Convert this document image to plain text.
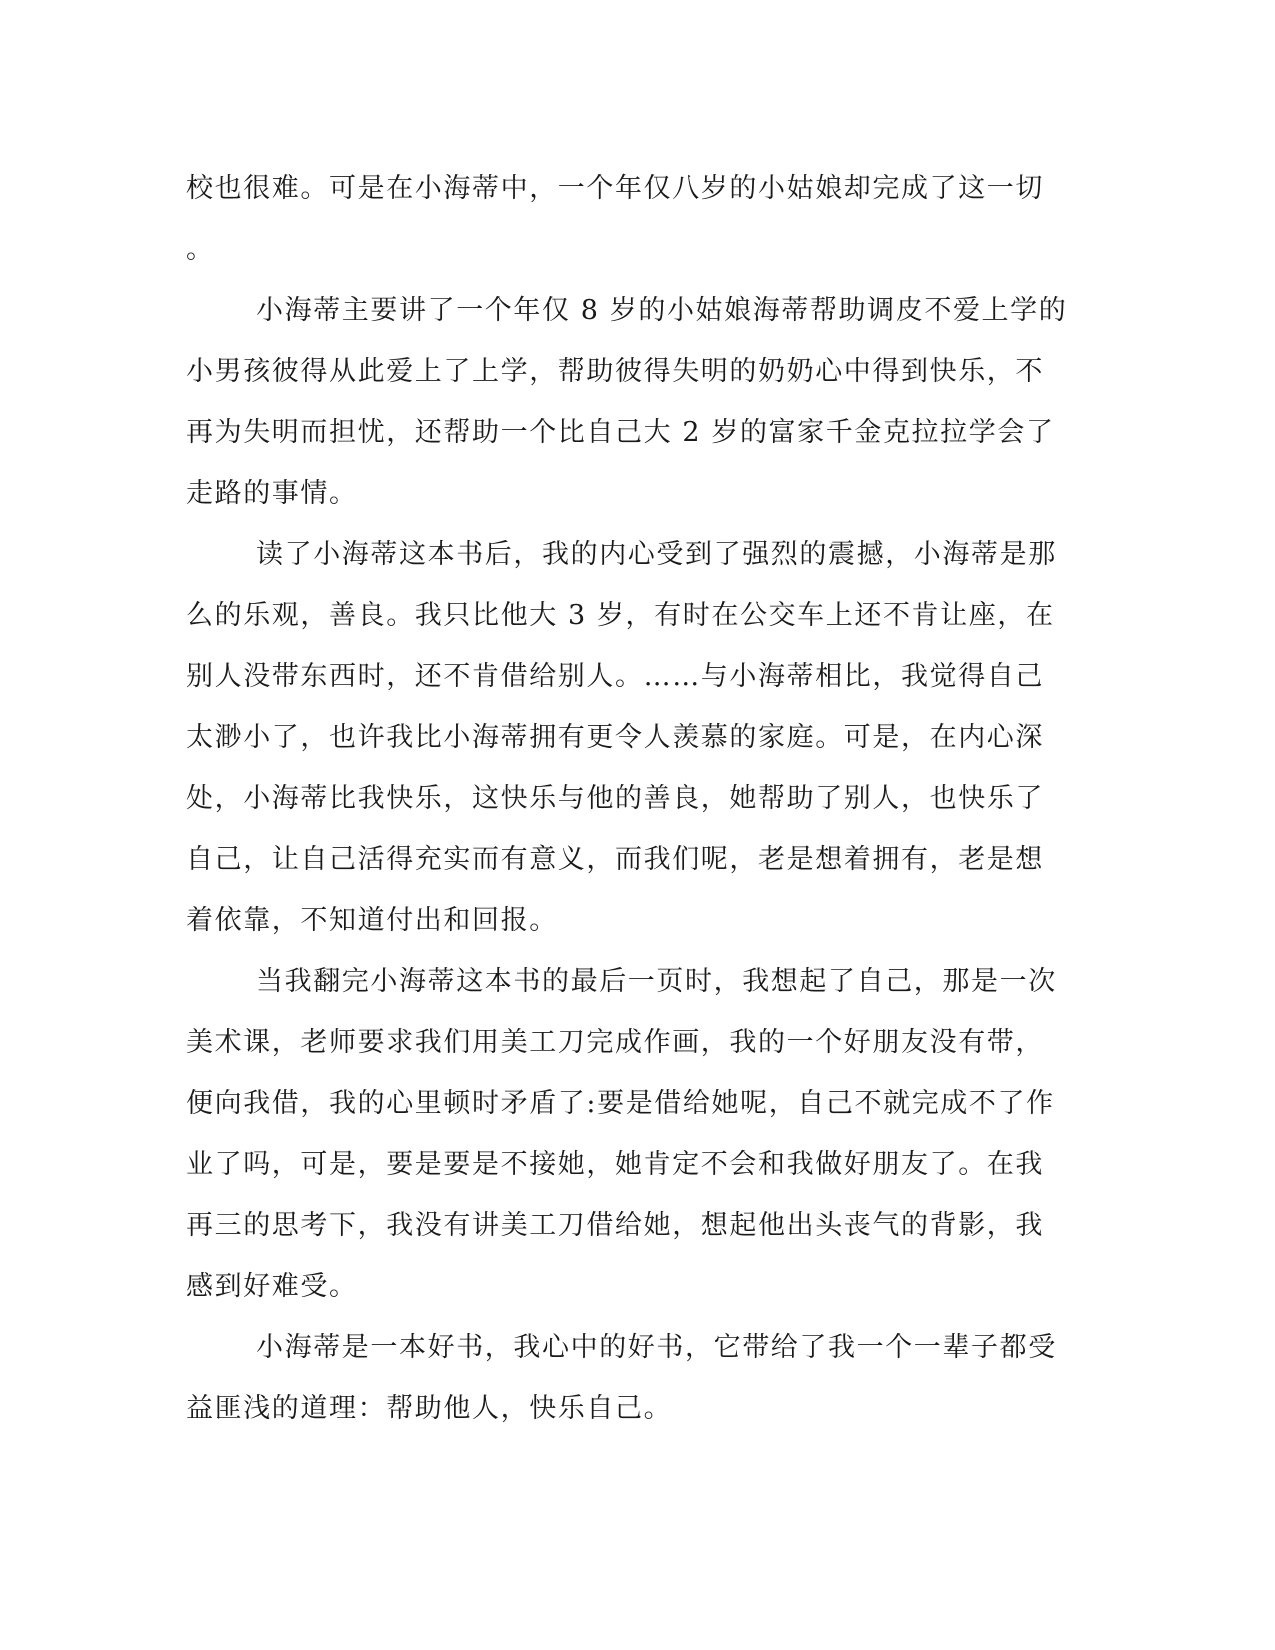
校也很难。可是在小海蒂中，一个年仅八岁的小姑娘却完成了这一切
。
小海蒂主要讲了一个年仅 8 岁的小姑娘海蒂帮助调皮不爱上学的
小男孩彼得从此爱上了上学，帮助彼得失明的奶奶心中得到快乐，不
再为失明而担忧，还帮助一个比自己大 2 岁的富家千金克拉拉学会了
走路的事情。
读了小海蒂这本书后，我的内心受到了强烈的震撼，小海蒂是那
么的乐观，善良。我只比他大 3 岁，有时在公交车上还不肯让座，在
别人没带东西时，还不肯借给别人。……与小海蒂相比，我觉得自己
太渺小了，也许我比小海蒂拥有更令人羡慕的家庭。可是，在内心深
处，小海蒂比我快乐，这快乐与他的善良，她帮助了别人，也快乐了
自己，让自己活得充实而有意义，而我们呢，老是想着拥有，老是想
着依靠，不知道付出和回报。
当我翻完小海蒂这本书的最后一页时，我想起了自己，那是一次
美术课，老师要求我们用美工刀完成作画，我的一个好朋友没有带，
便向我借，我的心里顿时矛盾了:要是借给她呢，自己不就完成不了作
业了吗，可是，要是要是不接她，她肯定不会和我做好朋友了。在我
再三的思考下，我没有讲美工刀借给她，想起他出头丧气的背影，我
感到好难受。
小海蒂是一本好书，我心中的好书，它带给了我一个一辈子都受
益匪浅的道理：帮助他人，快乐自己。
